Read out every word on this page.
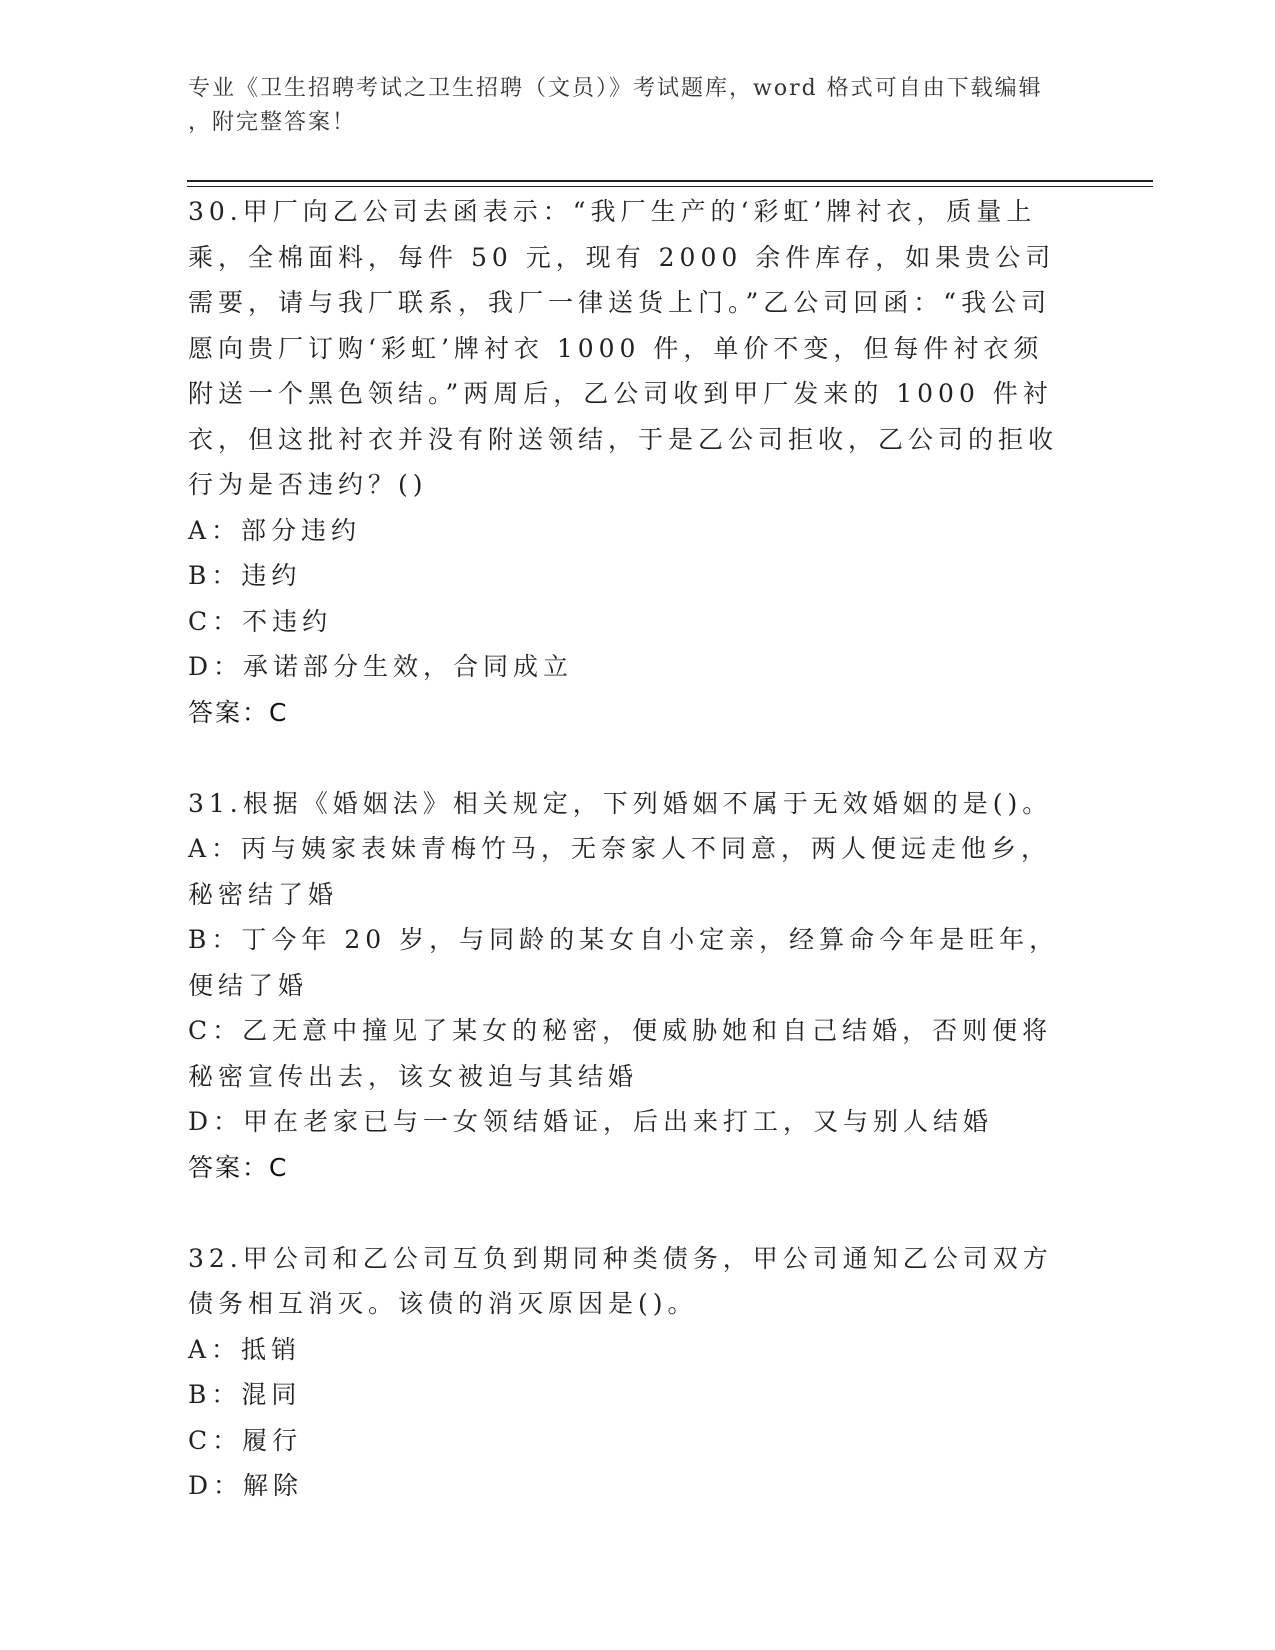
专业《卫生招聘考试之卫生招聘（文员）》考试题库，word 格式可自由下载编辑
，附完整答案！

30.甲厂向乙公司去函表示：“我厂生产的‘彩虹’牌衬衣，质量上乘，全棉面料，每件 50 元，现有 2000 余件库存，如果贵公司需要，请与我厂联系，我厂一律送货上门。”乙公司回函：“我公司愿向贵厂订购‘彩虹’牌衬衣 1000 件，单价不变，但每件衬衣须附送一个黑色领结。”两周后，乙公司收到甲厂发来的 1000 件衬衣，但这批衬衣并没有附送领结，于是乙公司拒收，乙公司的拒收行为是否违约？()

A：部分违约

B：违约

C：不违约

D：承诺部分生效，合同成立

答案：C

31.根据《婚姻法》相关规定，下列婚姻不属于无效婚姻的是()。

A：丙与姨家表妹青梅竹马，无奈家人不同意，两人便远走他乡，秘密结了婚

B：丁今年 20 岁，与同龄的某女自小定亲，经算命今年是旺年，便结了婚

C：乙无意中撞见了某女的秘密，便威胁她和自己结婚，否则便将秘密宣传出去，该女被迫与其结婚

D：甲在老家已与一女领结婚证，后出来打工，又与别人结婚

答案：C

32.甲公司和乙公司互负到期同种类债务，甲公司通知乙公司双方债务相互消灭。该债的消灭原因是()。

A：抵销

B：混同

C：履行

D：解除
